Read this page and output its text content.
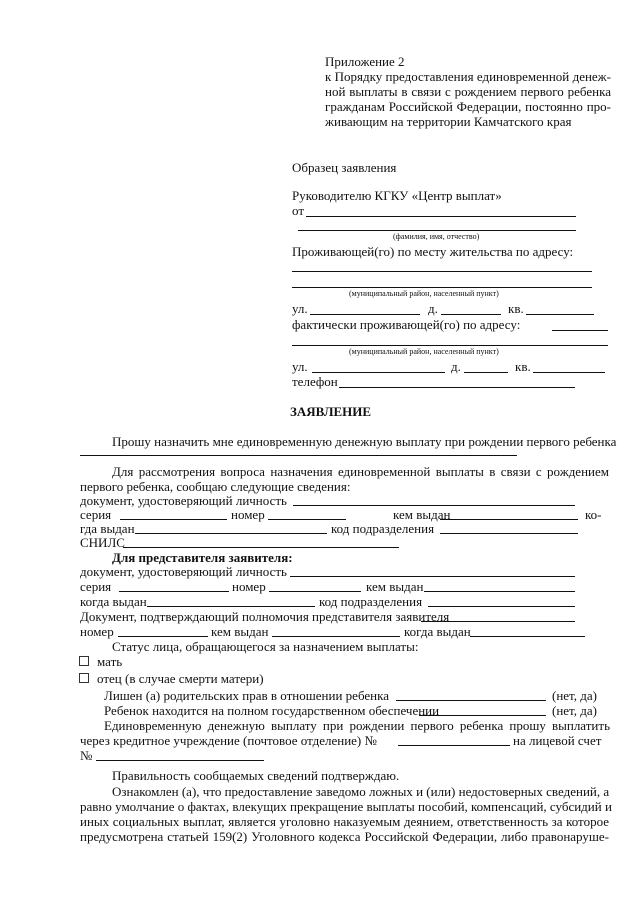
Приложение 2
к Порядку предоставления единовременной денеж-
ной выплаты в связи с рождением первого ребенка
гражданам Российской Федерации, постоянно про-
живающим на территории Камчатского края
Образец заявления
Руководителю КГКУ «Центр выплат»
от
(фамилия, имя, отчество)
Проживающей(го) по месту жительства по адресу:
(муниципальный район, населенный пункт)
ул.	д.	кв.
фактически проживающей(го) по адресу:
(муниципальный район, населенный пункт)
ул.	д.	кв.
телефон
ЗАЯВЛЕНИЕ
Прошу назначить мне единовременную денежную выплату при рождении первого ребенка
Для рассмотрения вопроса назначения единовременной выплаты в связи с рождением
первого ребенка, сообщаю следующие сведения:
документ, удостоверяющий личность
серия	номер	кем выдан	ко-
гда выдан	код подразделения
СНИЛС
Для представителя заявителя:
документ, удостоверяющий личность
серия	номер	кем выдан
когда выдан	код подразделения
Документ, подтверждающий полномочия представителя заявителя
номер	кем выдан	когда выдан
Статус лица, обращающегося за назначением выплаты:
мать
отец (в случае смерти матери)
Лишен (а) родительских прав в отношении ребенка	(нет, да)
Ребенок находится на полном государственном обеспечении	(нет, да)
Единовременную денежную выплату при рождении первого ребенка прошу выплатить
через кредитное учреждение (почтовое отделение) №	на лицевой счет
№
Правильность сообщаемых сведений подтверждаю.
Ознакомлен (а), что предоставление заведомо ложных и (или) недостоверных сведений, а
равно умолчание о фактах, влекущих прекращение выплаты пособий, компенсаций, субсидий и
иных социальных выплат, является уголовно наказуемым деянием, ответственность за которое
предусмотрена статьей 159(2) Уголовного кодекса Российской Федерации, либо правонаруше-
